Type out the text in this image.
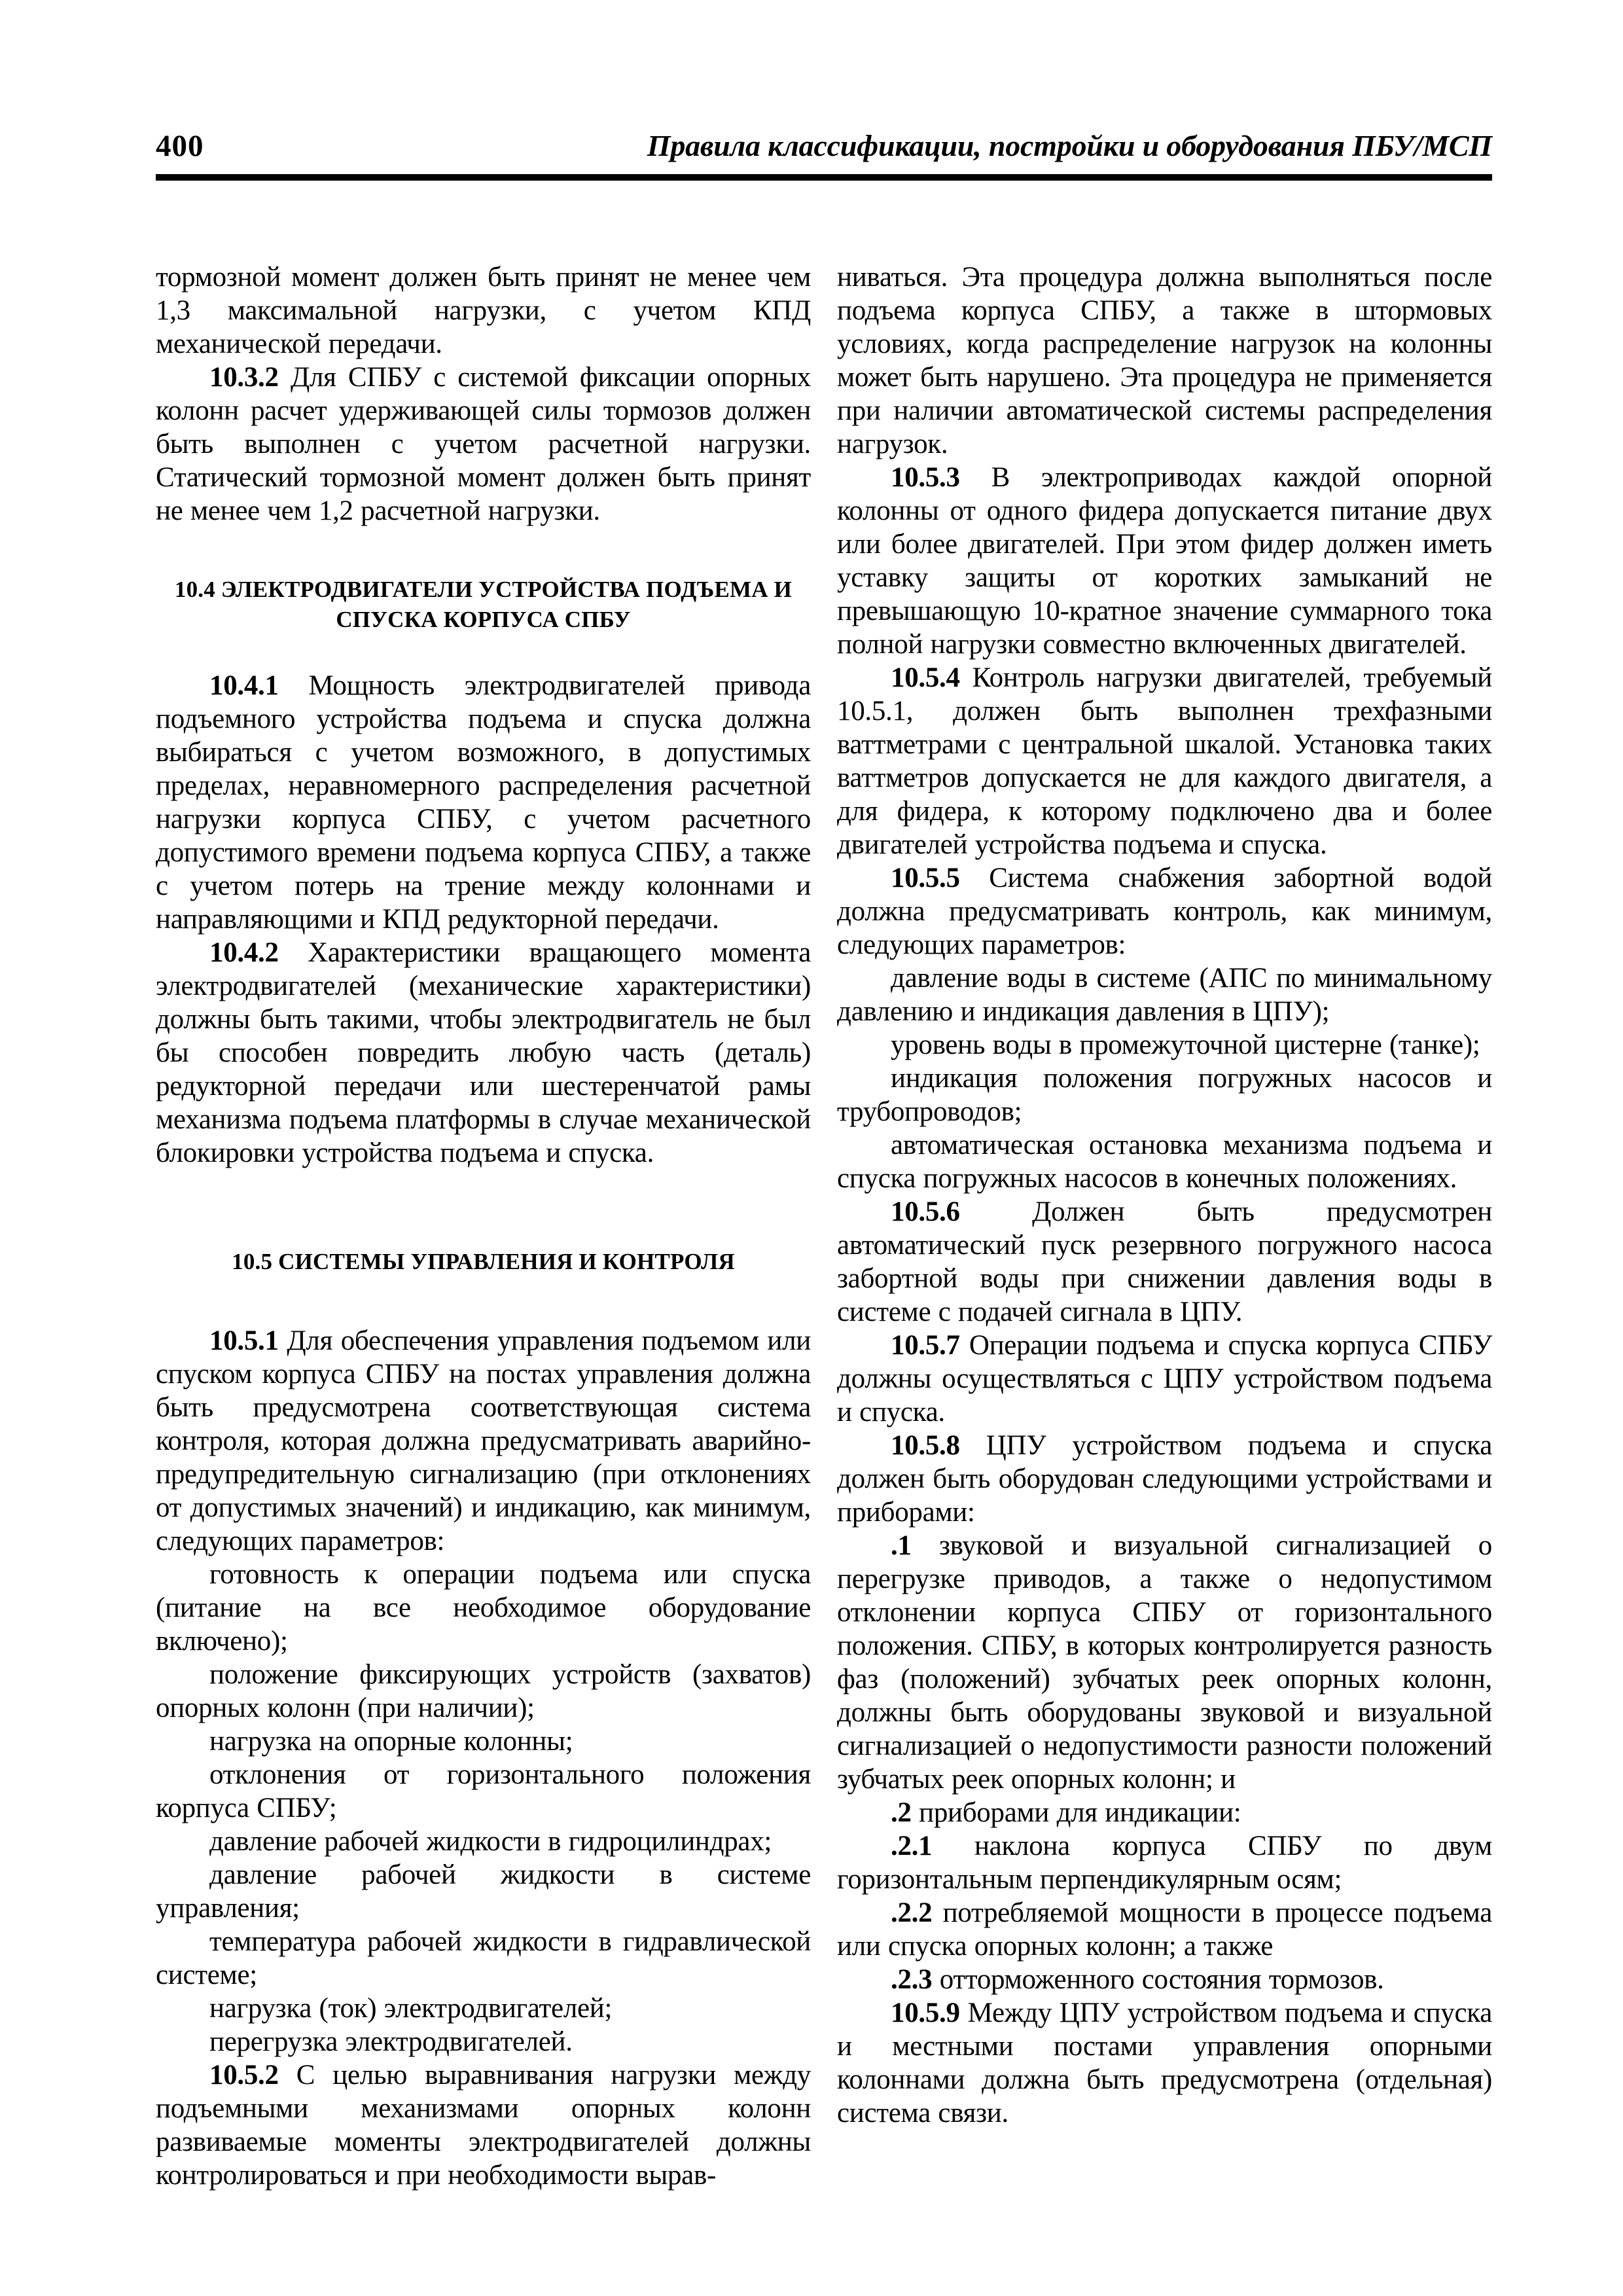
400	Правила классификации, постройки и оборудования ПБУ/МСП

тормозной момент должен быть принят не менее чем 1,3 максимальной нагрузки, с учетом КПД механической передачи.

10.3.2 Для СПБУ с системой фиксации опорных колонн расчет удерживающей силы тормозов должен быть выполнен с учетом расчетной нагрузки. Статический тормозной момент должен быть принят не менее чем 1,2 расчетной нагрузки.

10.4 ЭЛЕКТРОДВИГАТЕЛИ УСТРОЙСТВА ПОДЪЕМА И СПУСКА КОРПУСА СПБУ

10.4.1 Мощность электродвигателей привода подъемного устройства подъема и спуска должна выбираться с учетом возможного, в допустимых пределах, неравномерного распределения расчетной нагрузки корпуса СПБУ, с учетом расчетного допустимого времени подъема корпуса СПБУ, а также с учетом потерь на трение между колоннами и направляющими и КПД редукторной передачи.

10.4.2 Характеристики вращающего момента электродвигателей (механические характеристики) должны быть такими, чтобы электродвигатель не был бы способен повредить любую часть (деталь) редукторной передачи или шестеренчатой рамы механизма подъема платформы в случае механической блокировки устройства подъема и спуска.

10.5 СИСТЕМЫ УПРАВЛЕНИЯ И КОНТРОЛЯ

10.5.1 Для обеспечения управления подъемом или спуском корпуса СПБУ на постах управления должна быть предусмотрена соответствующая система контроля, которая должна предусматривать аварийно-предупредительную сигнализацию (при отклонениях от допустимых значений) и индикацию, как минимум, следующих параметров:

готовность к операции подъема или спуска (питание на все необходимое оборудование включено);

положение фиксирующих устройств (захватов) опорных колонн (при наличии);

нагрузка на опорные колонны;

отклонения от горизонтального положения корпуса СПБУ;

давление рабочей жидкости в гидроцилиндрах;

давление рабочей жидкости в системе управления;

температура рабочей жидкости в гидравлической системе;

нагрузка (ток) электродвигателей;

перегрузка электродвигателей.

10.5.2 С целью выравнивания нагрузки между подъемными механизмами опорных колонн развиваемые моменты электродвигателей должны контролироваться и при необходимости вырав-

ниваться. Эта процедура должна выполняться после подъема корпуса СПБУ, а также в штормовых условиях, когда распределение нагрузок на колонны может быть нарушено. Эта процедура не применяется при наличии автоматической системы распределения нагрузок.

10.5.3 В электроприводах каждой опорной колонны от одного фидера допускается питание двух или более двигателей. При этом фидер должен иметь уставку защиты от коротких замыканий не превышающую 10-кратное значение суммарного тока полной нагрузки совместно включенных двигателей.

10.5.4 Контроль нагрузки двигателей, требуемый 10.5.1, должен быть выполнен трехфазными ваттметрами с центральной шкалой. Установка таких ваттметров допускается не для каждого двигателя, а для фидера, к которому подключено два и более двигателей устройства подъема и спуска.

10.5.5 Система снабжения забортной водой должна предусматривать контроль, как минимум, следующих параметров:

давление воды в системе (АПС по минимальному давлению и индикация давления в ЦПУ);

уровень воды в промежуточной цистерне (танке);

индикация положения погружных насосов и трубопроводов;

автоматическая остановка механизма подъема и спуска погружных насосов в конечных положениях.

10.5.6	Должен быть предусмотрен автоматический пуск резервного погружного насоса забортной воды при снижении давления воды в системе с подачей сигнала в ЦПУ.

10.5.7 Операции подъема и спуска корпуса СПБУ должны осуществляться с ЦПУ устройством подъема и спуска.

10.5.8 ЦПУ устройством подъема и спуска должен быть оборудован следующими устройствами и приборами:

.1 звуковой и визуальной сигнализацией о перегрузке приводов, а также о недопустимом отклонении корпуса СПБУ от горизонтального положения. СПБУ, в которых контролируется разность фаз (положений) зубчатых реек опорных колонн, должны быть оборудованы звуковой и визуальной сигнализацией о недопустимости разности положений зубчатых реек опорных колонн; и

.2 приборами для индикации:

.2.1 наклона корпуса СПБУ по двум горизонтальным перпендикулярным осям;

.2.2 потребляемой мощности в процессе подъема или спуска опорных колонн; а также

.2.3 отторможенного состояния тормозов.

10.5.9 Между ЦПУ устройством подъема и спуска и местными постами управления опорными колоннами должна быть предусмотрена (отдельная) система связи.
